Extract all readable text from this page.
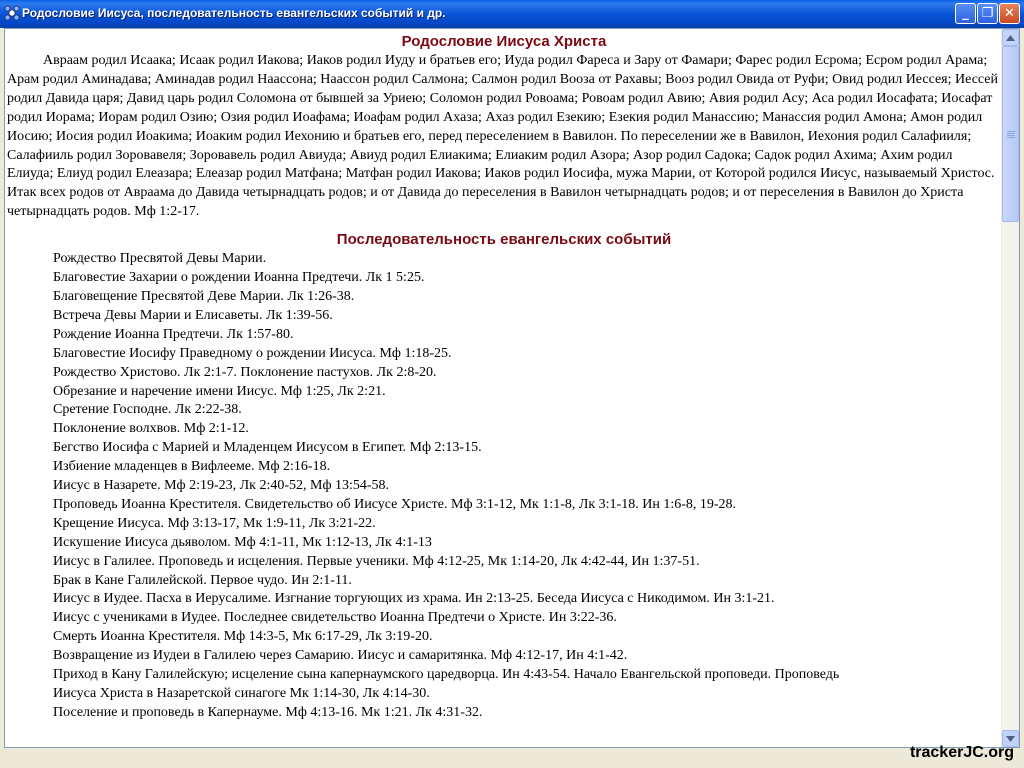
Родословие Иисуса, последовательность евангельских событий и др.	_ ❐ ✕
Родословие Иисуса Христа

Авраам родил Исаака; Исаак родил Иакова; Иаков родил Иуду и братьев его; Иуда родил Фареса и Зару от Фамари; Фарес родил Есрома; Есром родил Арама; Арам родил Аминадава; Аминадав родил Наассона; Наассон родил Салмона; Салмон родил Вооза от Рахавы; Вооз родил Овида от Руфи; Овид родил Иессея; Иессей родил Давида царя; Давид царь родил Соломона от бывшей за Уриею; Соломон родил Ровоама; Ровоам родил Авию; Авия родил Асу; Аса родил Иосафата; Иосафат родил Иорама; Иорам родил Озию; Озия родил Иоафама; Иоафам родил Ахаза; Ахаз родил Езекию; Езекия родил Манассию; Манассия родил Амона; Амон родил Иосию; Иосия родил Иоакима; Иоаким родил Иехонию и братьев его, перед переселением в Вавилон. По переселении же в Вавилон, Иехония родил Салафииля; Салафииль родил Зоровавеля; Зоровавель родил Авиуда; Авиуд родил Елиакима; Елиаким родил Азора; Азор родил Садока; Садок родил Ахима; Ахим родил Елиуда; Елиуд родил Елеазара; Елеазар родил Матфана; Матфан родил Иакова; Иаков родил Иосифа, мужа Марии, от Которой родился Иисус, называемый Христос. Итак всех родов от Авраама до Давида четырнадцать родов; и от Давида до переселения в Вавилон четырнадцать родов; и от переселения в Вавилон до Христа четырнадцать родов. Мф 1:2-17.

Последовательность евангельских событий
Рождество Пресвятой Девы Марии.
Благовестие Захарии о рождении Иоанна Предтечи. Лк 1 5:25.
Благовещение Пресвятой Деве Марии. Лк 1:26-38.
Встреча Девы Марии и Елисаветы. Лк 1:39-56.
Рождение Иоанна Предтечи. Лк 1:57-80.
Благовестие Иосифу Праведному о рождении Иисуса. Мф 1:18-25.
Рождество Христово. Лк 2:1-7. Поклонение пастухов. Лк 2:8-20.
Обрезание и наречение имени Иисус. Мф 1:25, Лк 2:21.
Сретение Господне. Лк 2:22-38.
Поклонение волхвов. Мф 2:1-12.
Бегство Иосифа с Марией и Младенцем Иисусом в Египет. Мф 2:13-15.
Избиение младенцев в Вифлееме. Мф 2:16-18.
Иисус в Назарете. Мф 2:19-23, Лк 2:40-52, Мф 13:54-58.
Проповедь Иоанна Крестителя. Свидетельство об Иисусе Христе. Мф 3:1-12, Мк 1:1-8, Лк 3:1-18. Ин 1:6-8, 19-28.
Крещение Иисуса. Мф 3:13-17, Мк 1:9-11, Лк 3:21-22.
Искушение Иисуса дьяволом. Мф 4:1-11, Мк 1:12-13, Лк 4:1-13
Иисус в Галилее. Проповедь и исцеления. Первые ученики. Мф 4:12-25, Мк 1:14-20, Лк 4:42-44, Ин 1:37-51.
Брак в Кане Галилейской. Первое чудо. Ин 2:1-11.
Иисус в Иудее. Пасха в Иерусалиме. Изгнание торгующих из храма. Ин 2:13-25. Беседа Иисуса с Никодимом. Ин 3:1-21.
Иисус с учениками в Иудее. Последнее свидетельство Иоанна Предтечи о Христе. Ин 3:22-36.
Смерть Иоанна Крестителя. Мф 14:3-5, Мк 6:17-29, Лк 3:19-20.
Возвращение из Иудеи в Галилею через Самарию. Иисус и самаритянка. Мф 4:12-17, Ин 4:1-42.
Приход в Кану Галилейскую; исцеление сына капернаумского царедворца. Ин 4:43-54. Начало Евангельской проповеди. Проповедь
Иисуса Христа в Назаретской синагоге Мк 1:14-30, Лк 4:14-30.
Поселение и проповедь в Капернауме. Мф 4:13-16. Мк 1:21. Лк 4:31-32.
trackerJC.org
